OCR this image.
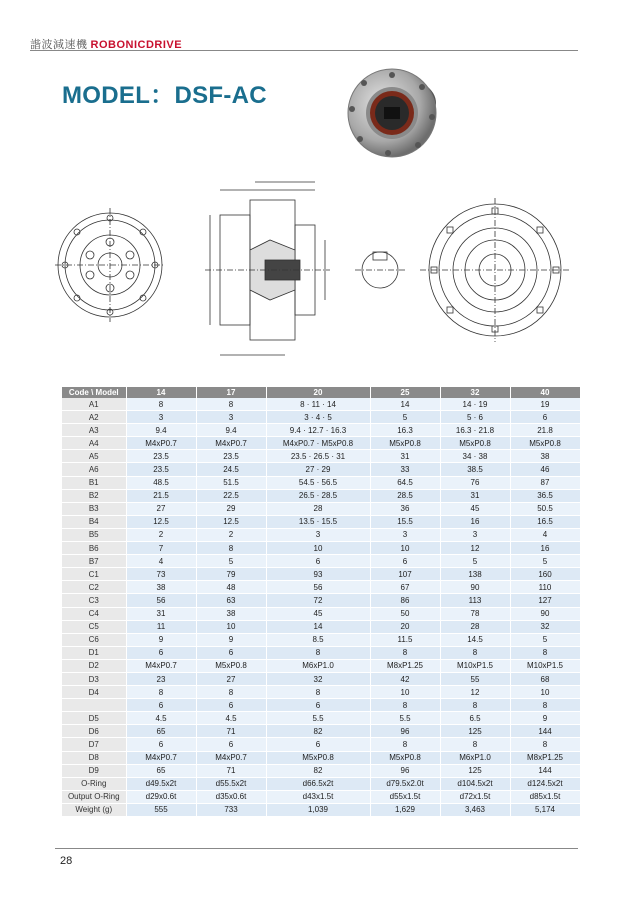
諧波減速機 ROBONICDRIVE
MODEL：DSF-AC
Code \ Model	14	17	20	25	32	40
A1	8	8	8 · 11 · 14	14	14 · 19	19
A2	3	3	3 · 4 · 5	5	5 · 6	6
A3	9.4	9.4	9.4 · 12.7 · 16.3	16.3	16.3 · 21.8	21.8
A4	M4xP0.7	M4xP0.7	M4xP0.7 · M5xP0.8	M5xP0.8	M5xP0.8	M5xP0.8
A5	23.5	23.5	23.5 · 26.5 · 31	31	34 · 38	38
A6	23.5	24.5	27 · 29	33	38.5	46
B1	48.5	51.5	54.5 · 56.5	64.5	76	87
B2	21.5	22.5	26.5 · 28.5	28.5	31	36.5
B3	27	29	28	36	45	50.5
B4	12.5	12.5	13.5 · 15.5	15.5	16	16.5
B5	2	2	3	3	3	4
B6	7	8	10	10	12	16
B7	4	5	6	6	5	5
C1	73	79	93	107	138	160
C2	38	48	56	67	90	110
C3	56	63	72	86	113	127
C4	31	38	45	50	78	90
C5	11	10	14	20	28	32
C6	9	9	8.5	11.5	14.5	5
D1	6	6	8	8	8	8
D2	M4xP0.7	M5xP0.8	M6xP1.0	M8xP1.25	M10xP1.5	M10xP1.5
D3	23	27	32	42	55	68
D4	8	8	8	10	12	10
	6	6	6	8	8	8
D5	4.5	4.5	5.5	5.5	6.5	9
D6	65	71	82	96	125	144
D7	6	6	6	8	8	8
D8	M4xP0.7	M4xP0.7	M5xP0.8	M5xP0.8	M6xP1.0	M8xP1.25
D9	65	71	82	96	125	144
O-Ring	d49.5x2t	d55.5x2t	d66.5x2t	d79.5x2.0t	d104.5x2t	d124.5x2t
Output O-Ring	d29x0.6t	d35x0.6t	d43x1.5t	d55x1.5t	d72x1.5t	d85x1.5t
Weight (g)	555	733	1,039	1,629	3,463	5,174
28
